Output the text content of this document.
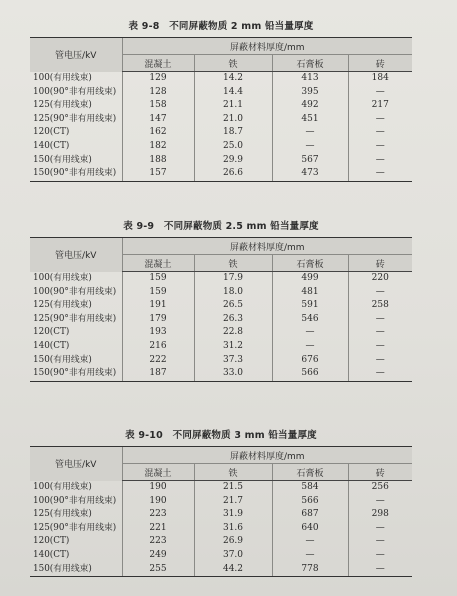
表 9-8　不同屏蔽物质 2 mm 铅当量厚度
管电压/kV	屏蔽材料厚度/mm			
	混凝土	铁	石膏板	砖
100(有用线束)	129	14.2	413	184
100(90°非有用线束)	128	14.4	395	—
125(有用线束)	158	21.1	492	217
125(90°非有用线束)	147	21.0	451	—
120(CT)	162	18.7	—	—
140(CT)	182	25.0	—	—
150(有用线束)	188	29.9	567	—
150(90°非有用线束)	157	26.6	473	—
表 9-9　不同屏蔽物质 2.5 mm 铅当量厚度
管电压/kV	屏蔽材料厚度/mm			
	混凝土	铁	石膏板	砖
100(有用线束)	159	17.9	499	220
100(90°非有用线束)	159	18.0	481	—
125(有用线束)	191	26.5	591	258
125(90°非有用线束)	179	26.3	546	—
120(CT)	193	22.8	—	—
140(CT)	216	31.2	—	—
150(有用线束)	222	37.3	676	—
150(90°非有用线束)	187	33.0	566	—
表 9-10　不同屏蔽物质 3 mm 铅当量厚度
管电压/kV	屏蔽材料厚度/mm			
	混凝土	铁	石膏板	砖
100(有用线束)	190	21.5	584	256
100(90°非有用线束)	190	21.7	566	—
125(有用线束)	223	31.9	687	298
125(90°非有用线束)	221	31.6	640	—
120(CT)	223	26.9	—	—
140(CT)	249	37.0	—	—
150(有用线束)	255	44.2	778	—
